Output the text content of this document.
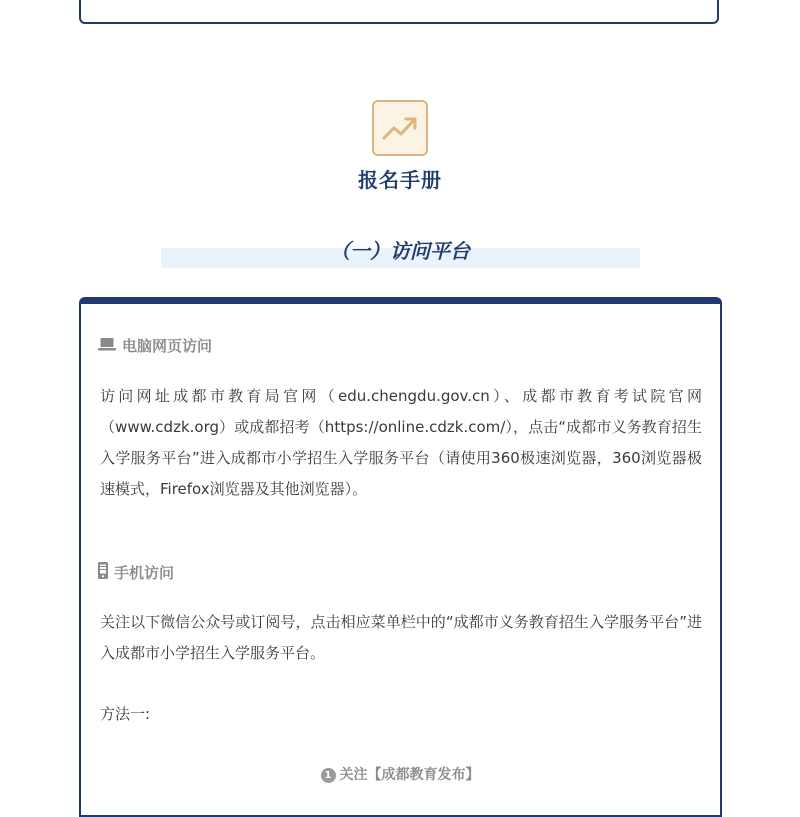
报名手册
（一）访问平台
电脑网页访问
访问网址成都市教育局官网（edu.chengdu.gov.cn）、成都市教育考试院官网（www.cdzk.org）或成都招考（https://online.cdzk.com/），点击“成都市义务教育招生入学服务平台”进入成都市小学招生入学服务平台（请使用360极速浏览器，360浏览器极速模式，Firefox浏览器及其他浏览器）。
手机访问
关注以下微信公众号或订阅号，点击相应菜单栏中的“成都市义务教育招生入学服务平台”进入成都市小学招生入学服务平台。
方法一:
1 关注【成都教育发布】
